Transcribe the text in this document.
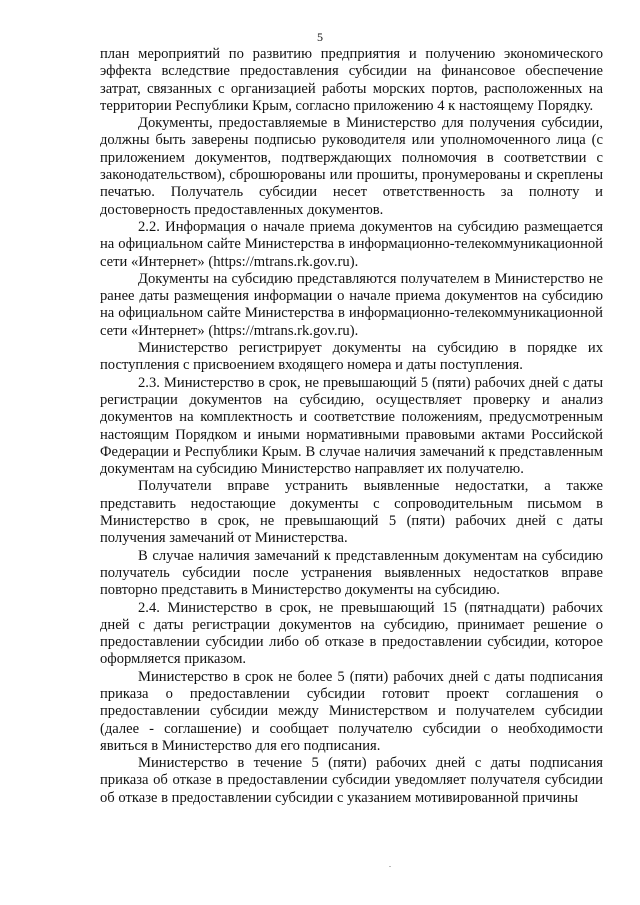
5

план мероприятий по развитию предприятия и получению экономического эффекта вследствие предоставления субсидии на финансовое обеспечение затрат, связанных с организацией работы морских портов, расположенных на территории Республики Крым, согласно приложению 4 к настоящему Порядку.

Документы, предоставляемые в Министерство для получения субсидии, должны быть заверены подписью руководителя или уполномоченного лица (с приложением документов, подтверждающих полномочия в соответствии с законодательством), сброшюрованы или прошиты, пронумерованы и скреплены печатью. Получатель субсидии несет ответственность за полноту и достоверность предоставленных документов.

2.2. Информация о начале приема документов на субсидию размещается на официальном сайте Министерства в информационно-телекоммуникационной сети «Интернет» (https://mtrans.rk.gov.ru).

Документы на субсидию представляются получателем в Министерство не ранее даты размещения информации о начале приема документов на субсидию на официальном сайте Министерства в информационно-телекоммуникационной сети «Интернет» (https://mtrans.rk.gov.ru).

Министерство регистрирует документы на субсидию в порядке их поступления с присвоением входящего номера и даты поступления.

2.3. Министерство в срок, не превышающий 5 (пяти) рабочих дней с даты регистрации документов на субсидию, осуществляет проверку и анализ документов на комплектность и соответствие положениям, предусмотренным настоящим Порядком и иными нормативными правовыми актами Российской Федерации и Республики Крым. В случае наличия замечаний к представленным документам на субсидию Министерство направляет их получателю.

Получатели вправе устранить выявленные недостатки, а также представить недостающие документы с сопроводительным письмом в Министерство в срок, не превышающий 5 (пяти) рабочих дней с даты получения замечаний от Министерства.

В случае наличия замечаний к представленным документам на субсидию получатель субсидии после устранения выявленных недостатков вправе повторно представить в Министерство документы на субсидию.

2.4. Министерство в срок, не превышающий 15 (пятнадцати) рабочих дней с даты регистрации документов на субсидию, принимает решение о предоставлении субсидии либо об отказе в предоставлении субсидии, которое оформляется приказом.

Министерство в срок не более 5 (пяти) рабочих дней с даты подписания приказа о предоставлении субсидии готовит проект соглашения о предоставлении субсидии между Министерством и получателем субсидии (далее - соглашение) и сообщает получателю субсидии о необходимости явиться в Министерство для его подписания.

Министерство в течение 5 (пяти) рабочих дней с даты подписания приказа об отказе в предоставлении субсидии уведомляет получателя субсидии об отказе в предоставлении субсидии с указанием мотивированной причины
